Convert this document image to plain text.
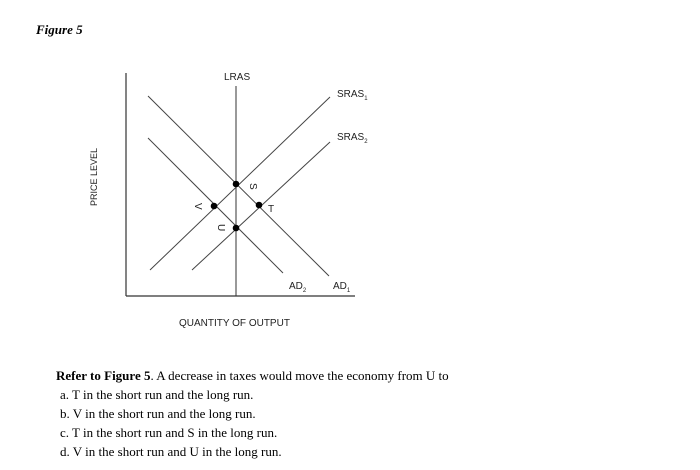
Figure 5
LRAS
$SRAS_1$
$SRAS_2$
$AD_2$	$AD_1$
S
T
U
V
PRICE LEVEL
QUANTITY OF OUTPUT

Refer to Figure 5. A decrease in taxes would move the economy from U to

a. T in the short run and the long run.
b. V in the short run and the long run.
c. T in the short run and S in the long run.
d. V in the short run and U in the long run.
